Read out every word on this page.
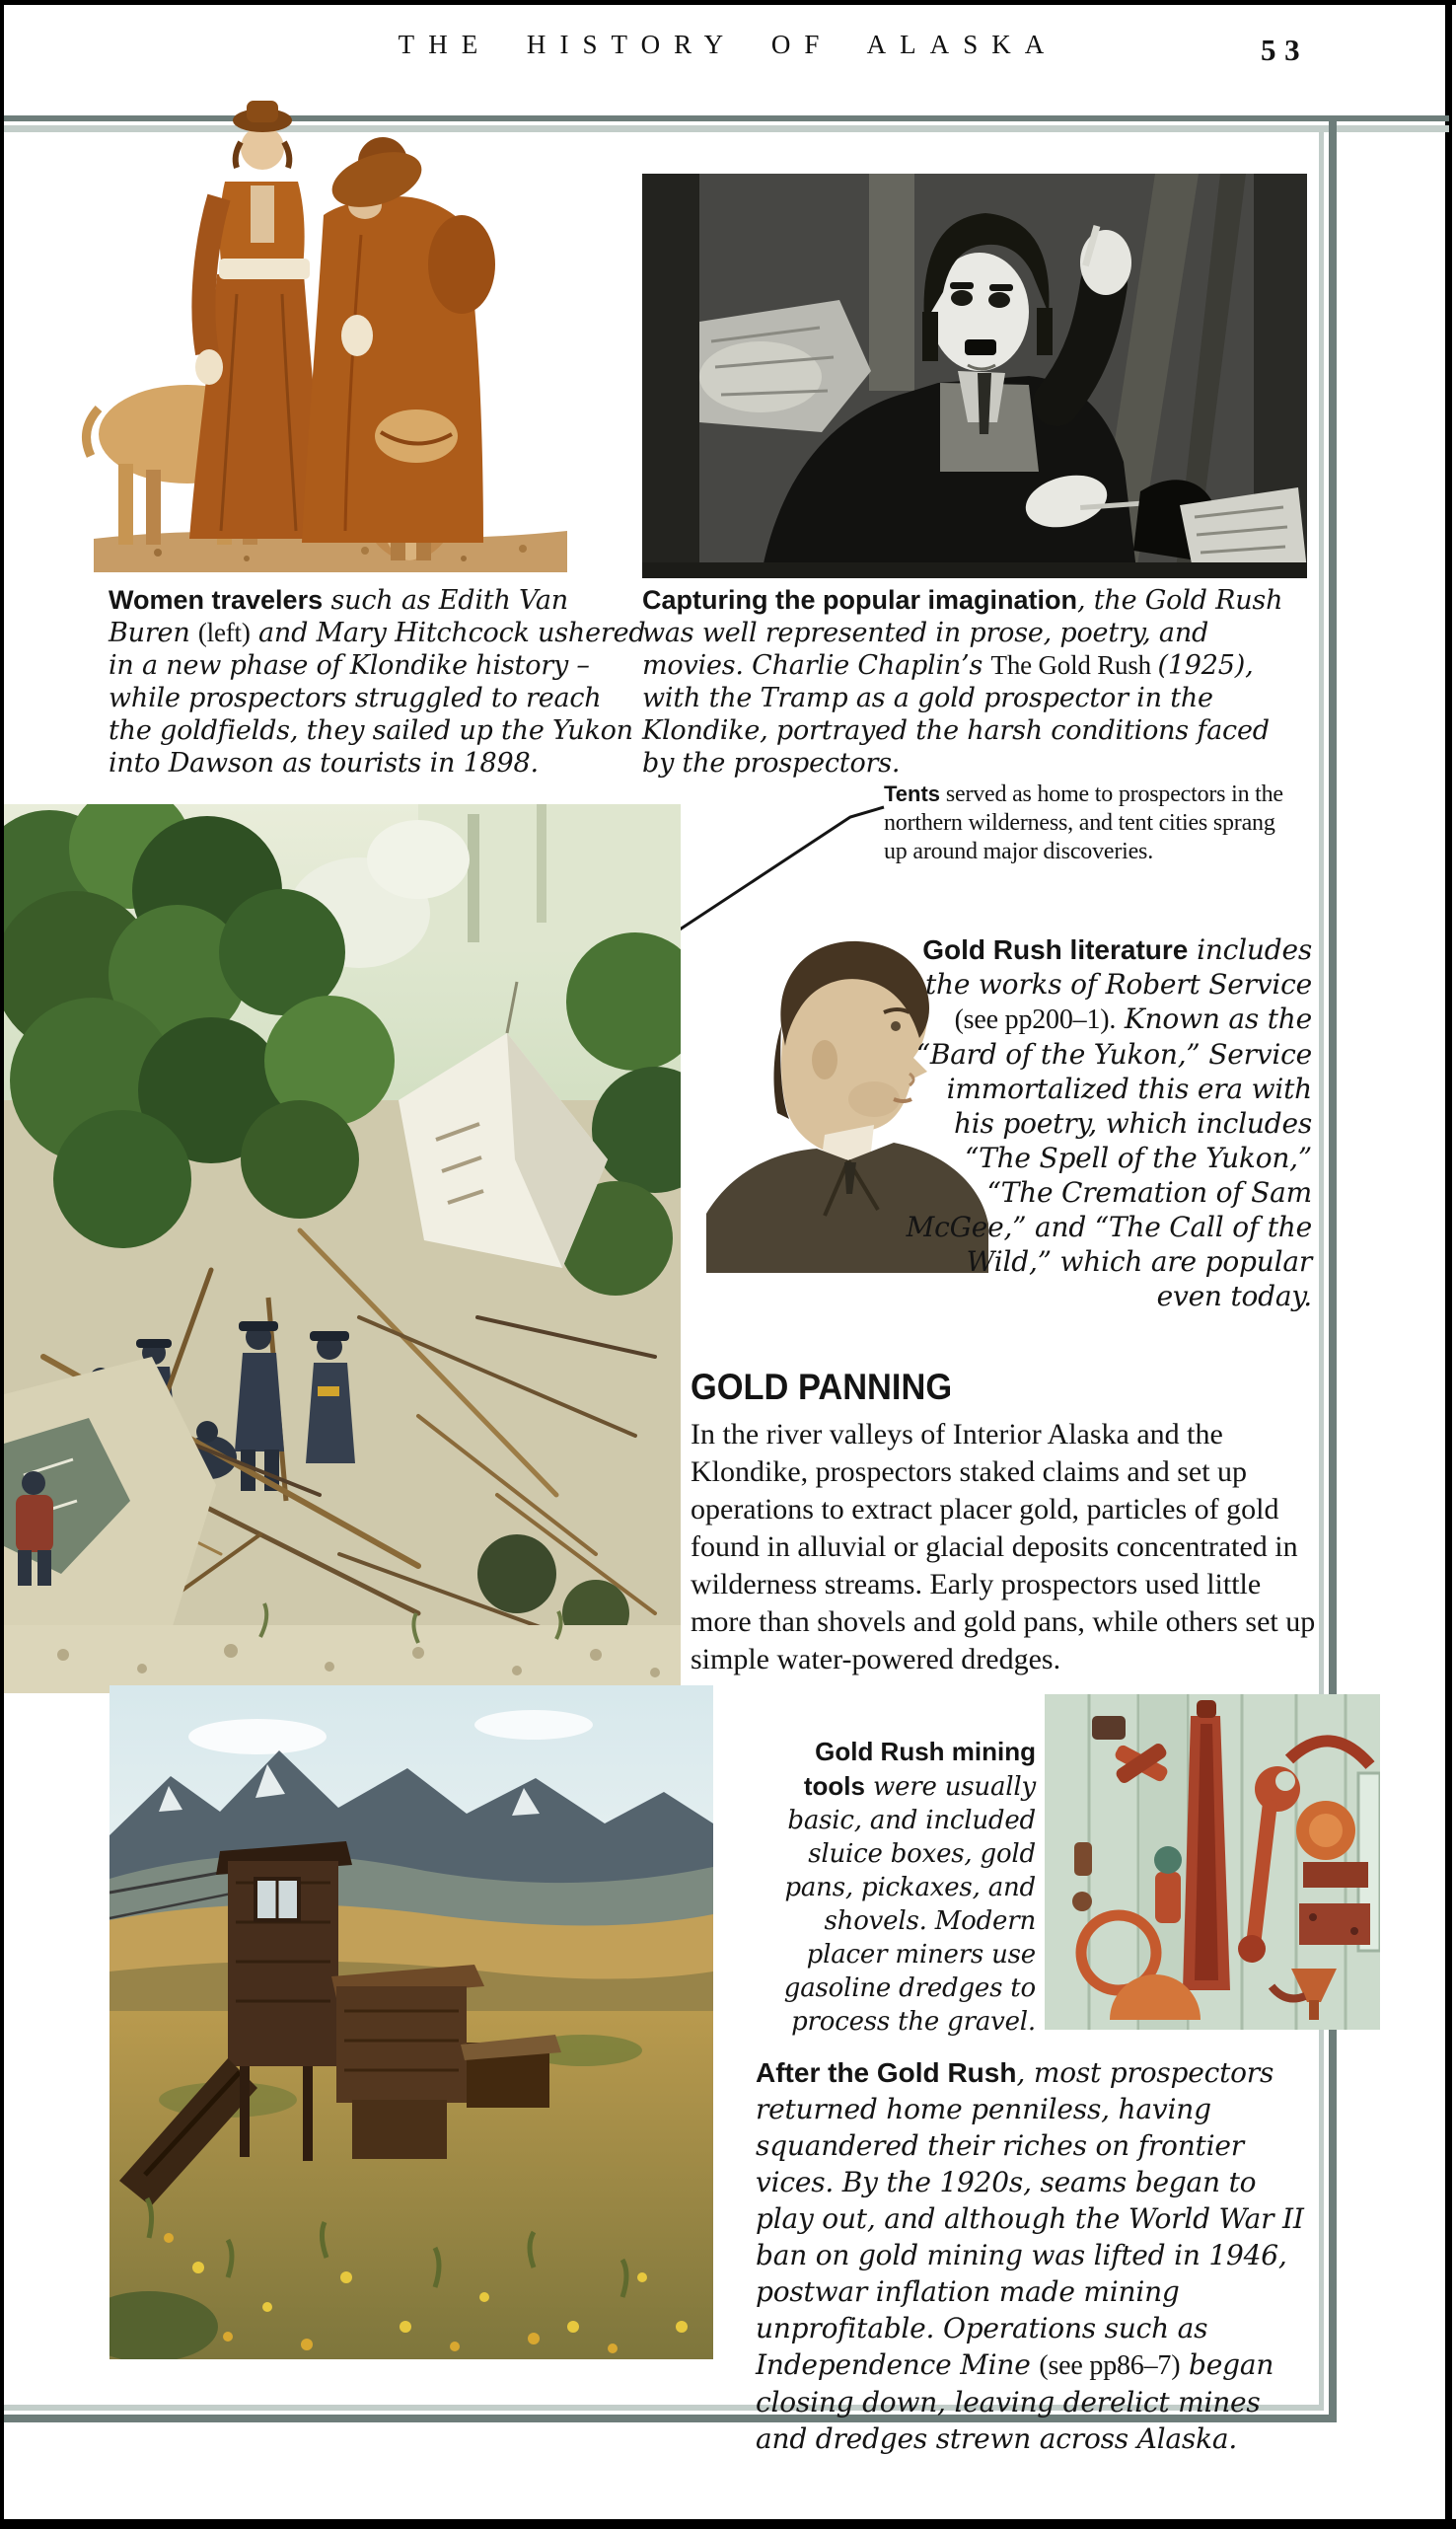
THE HISTORY OF ALASKA	53
Women travelers such as Edith Van Buren (left) and Mary Hitchcock ushered in a new phase of Klondike history – while prospectors struggled to reach the goldfields, they sailed up the Yukon into Dawson as tourists in 1898.
Capturing the popular imagination, the Gold Rush was well represented in prose, poetry, and movies. Charlie Chaplin’s The Gold Rush (1925), with the Tramp as a gold prospector in the Klondike, portrayed the harsh conditions faced by the prospectors.
Tents served as home to prospectors in the northern wilderness, and tent cities sprang up around major discoveries.
Gold Rush literature includes the works of Robert Service (see pp200–1). Known as the “Bard of the Yukon,” Service immortalized this era with his poetry, which includes “The Spell of the Yukon,” “The Cremation of Sam McGee,” and “The Call of the Wild,” which are popular even today.
GOLD PANNING
In the river valleys of Interior Alaska and the Klondike, prospectors staked claims and set up operations to extract placer gold, particles of gold found in alluvial or glacial deposits concentrated in wilderness streams. Early prospectors used little more than shovels and gold pans, while others set up simple water-powered dredges.
Gold Rush mining tools were usually basic, and included sluice boxes, gold pans, pickaxes, and shovels. Modern placer miners use gasoline dredges to process the gravel.
After the Gold Rush, most prospectors returned home penniless, having squandered their riches on frontier vices. By the 1920s, seams began to play out, and although the World War II ban on gold mining was lifted in 1946, postwar inflation made mining unprofitable. Operations such as Independence Mine (see pp86–7) began closing down, leaving derelict mines and dredges strewn across Alaska.
